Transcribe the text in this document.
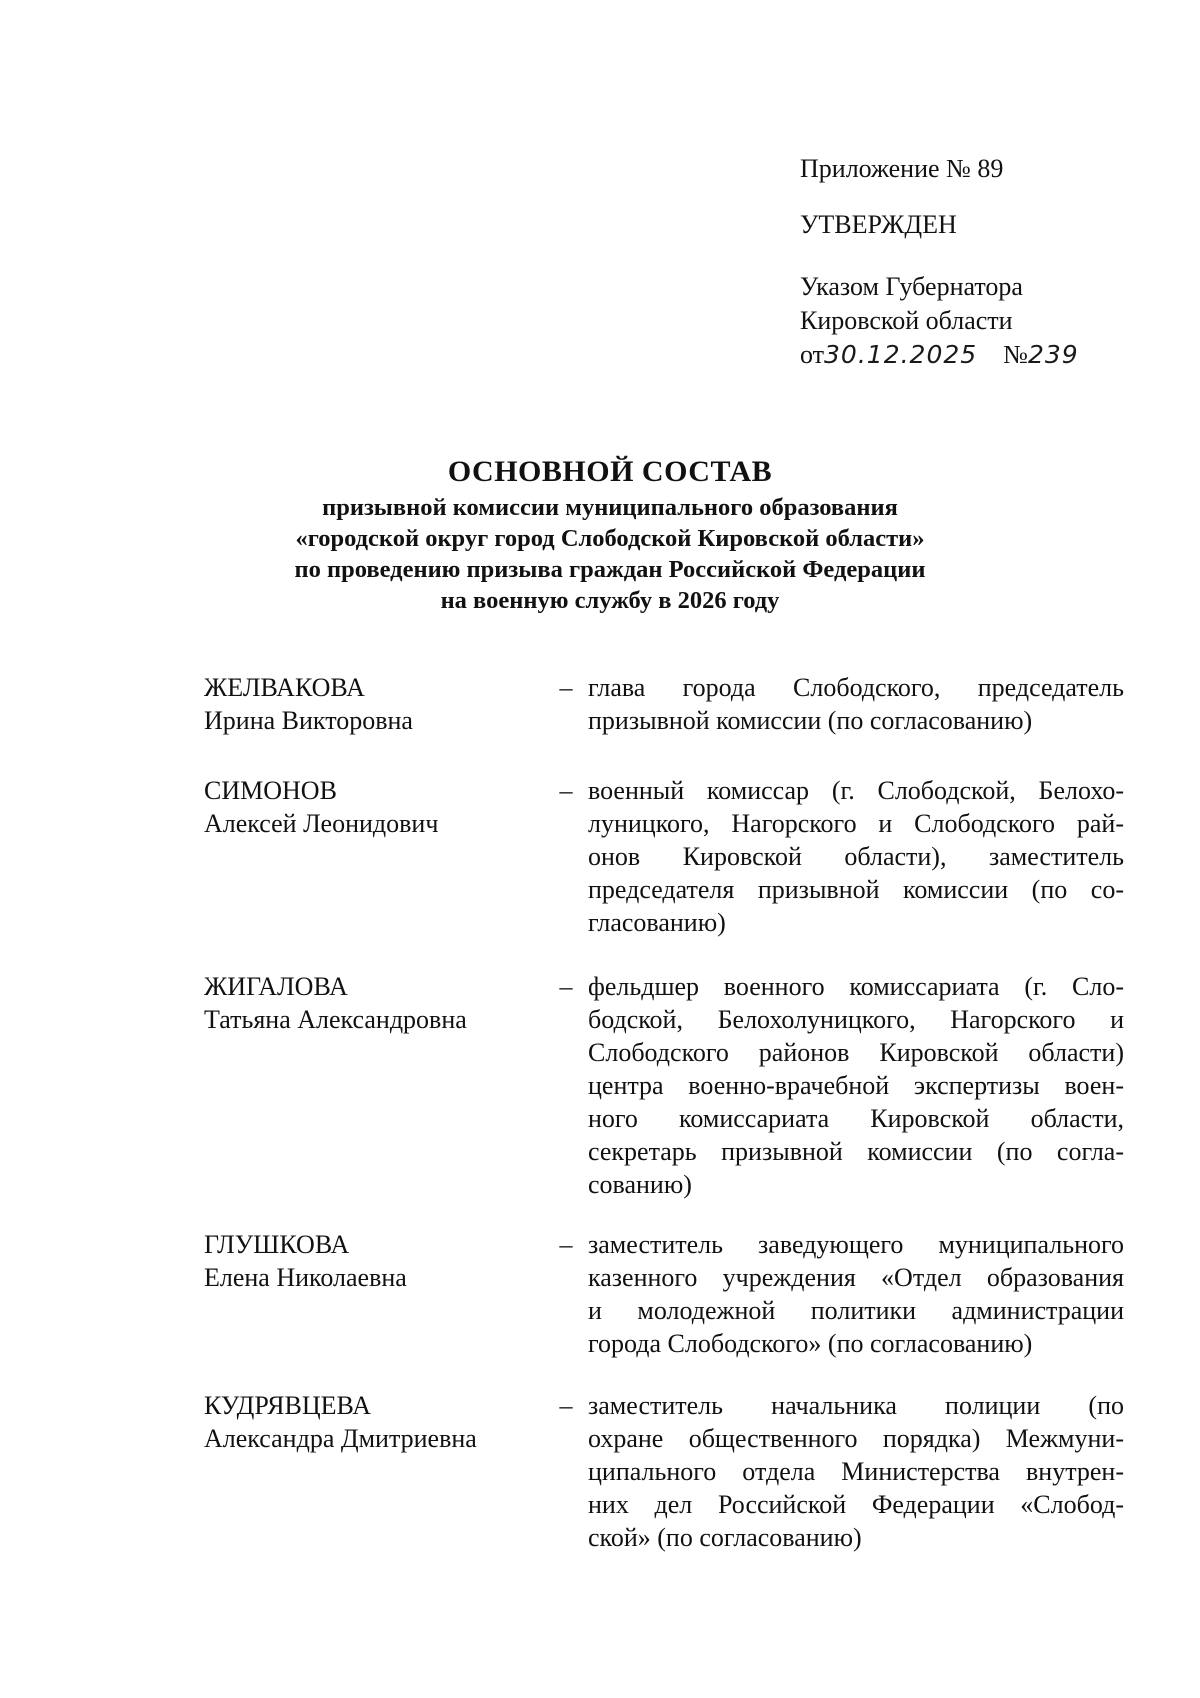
Приложение № 89
УТВЕРЖДЕН
Указом Губернатора
Кировской области
от30.12.2025 №239
ОСНОВНОЙ СОСТАВ
призывной комиссии муниципального образования
«городской округ город Слободской Кировской области»
по проведению призыва граждан Российской Федерации
на военную службу в 2026 году
ЖЕЛВАКОВА
Ирина Викторовна
– глава города Слободского, председатель
призывной комиссии (по согласованию)
СИМОНОВ
Алексей Леонидович
– военный комиссар (г. Слободской, Белохо-
луницкого, Нагорского и Слободского рай-
онов Кировской области), заместитель
председателя призывной комиссии (по со-
гласованию)
ЖИГАЛОВА
Татьяна Александровна
– фельдшер военного комиссариата (г. Сло-
бодской, Белохолуницкого, Нагорского и
Слободского районов Кировской области)
центра военно-врачебной экспертизы воен-
ного комиссариата Кировской области,
секретарь призывной комиссии (по согла-
сованию)
ГЛУШКОВА
Елена Николаевна
– заместитель заведующего муниципального
казенного учреждения «Отдел образования
и молодежной политики администрации
города Слободского» (по согласованию)
КУДРЯВЦЕВА
Александра Дмитриевна
– заместитель начальника полиции (по
охране общественного порядка) Межмуни-
ципального отдела Министерства внутрен-
них дел Российской Федерации «Слобод-
ской» (по согласованию)
